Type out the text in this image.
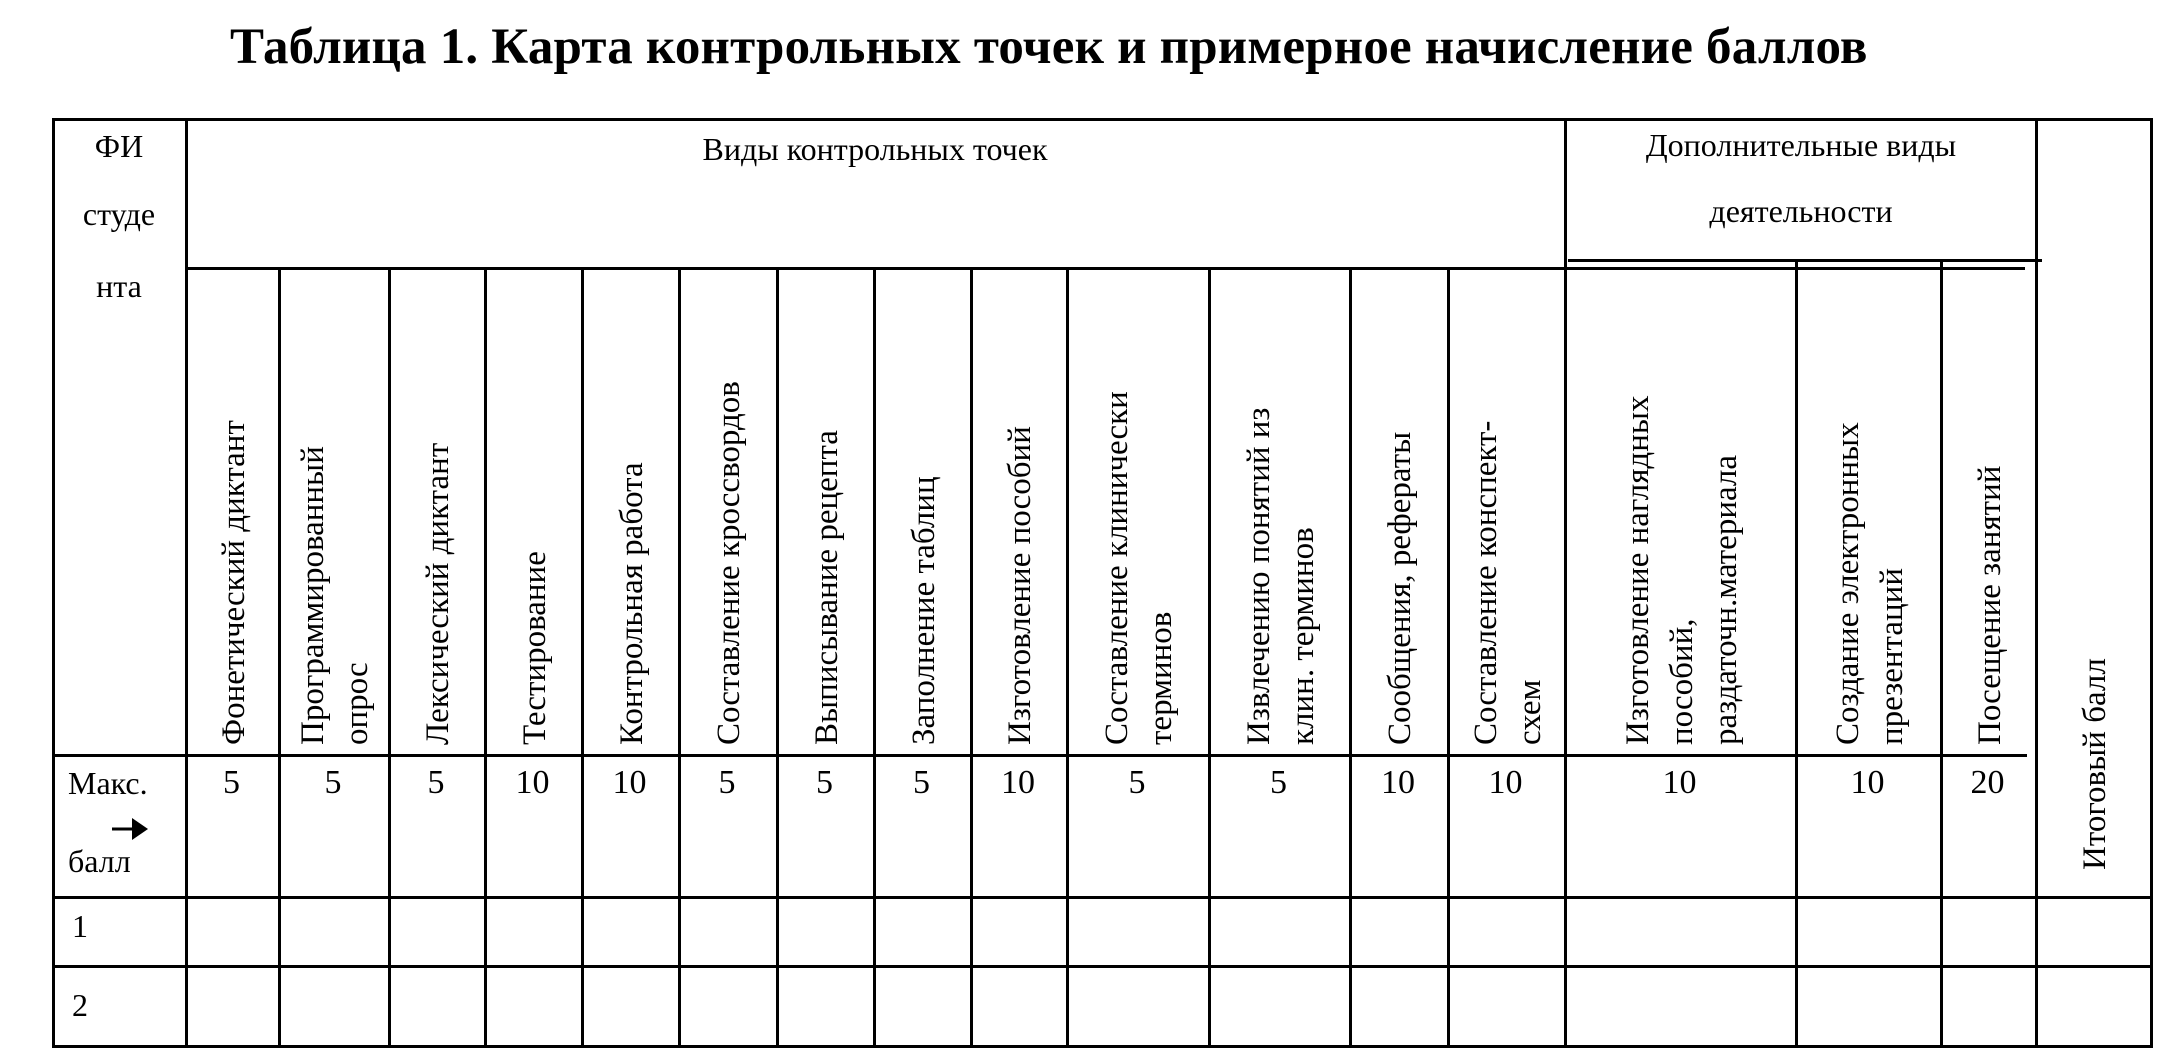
Таблица 1. Карта контрольных точек и примерное начисление баллов
ФИ
студе
нта
Виды контрольных точек	Дополнительные виды
деятельности
Итоговый балл
Макс.
балл
1
2
Фонетический диктант
5
Программированный опрос
5
Лексический диктант
5
Тестирование
10
Контрольная работа
10
Составление кроссвордов
5
Выписывание рецепта
5
Заполнение таблиц
5
Изготовление пособий
10
Составление клинически терминов
5
Извлечению понятий из клин. терминов
5
Сообщения, рефераты
10
Составление конспект- схем
10
Изготовление наглядных пособий, раздаточн.материала
10
Создание электронных презентаций
10
Посещение занятий
20
